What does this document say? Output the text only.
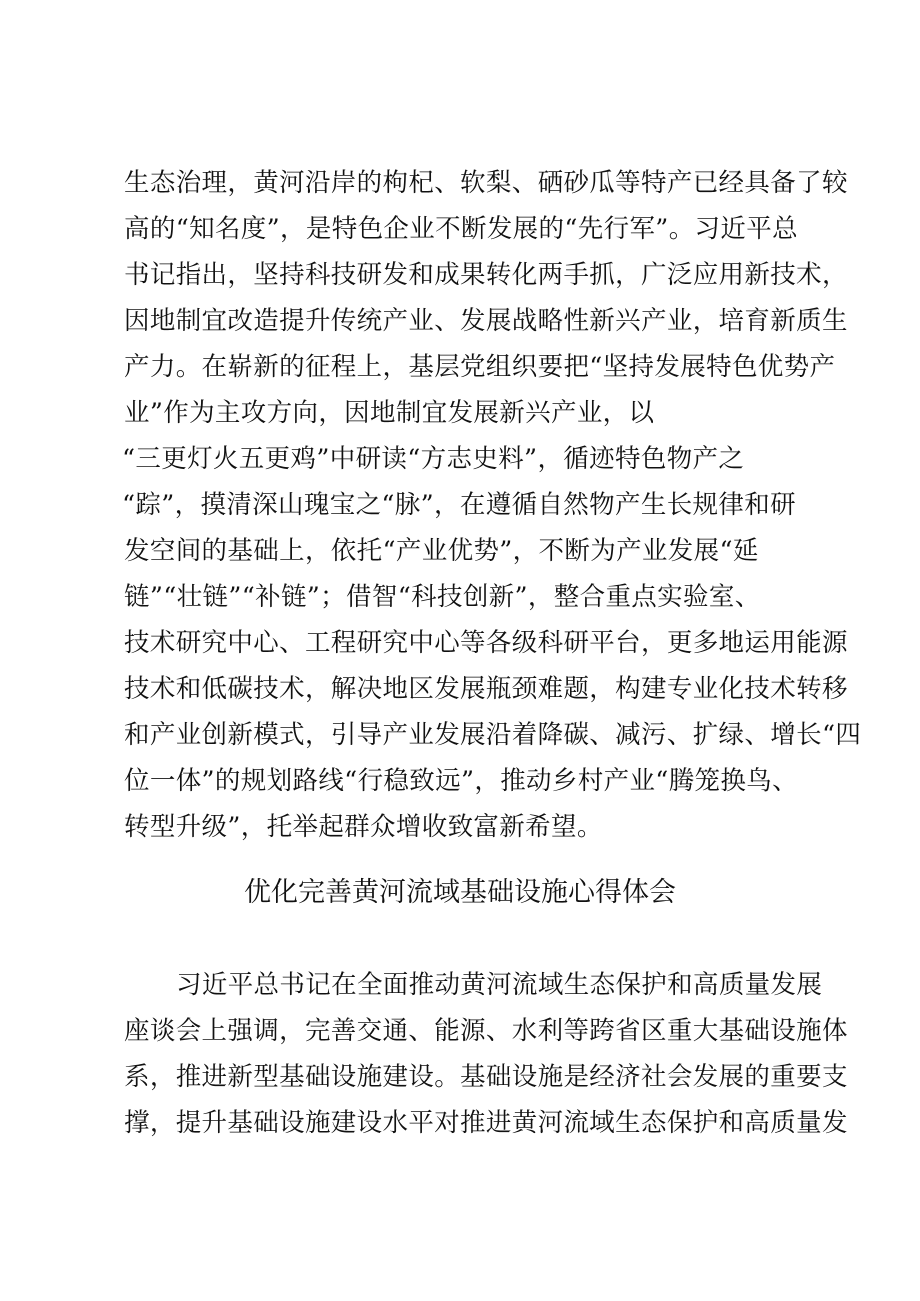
生态治理，黄河沿岸的枸杞、软梨、硒砂瓜等特产已经具备了较
高的“知名度”，是特色企业不断发展的“先行军”。习近平总
书记指出，坚持科技研发和成果转化两手抓，广泛应用新技术，
因地制宜改造提升传统产业、发展战略性新兴产业，培育新质生
产力。在崭新的征程上，基层党组织要把“坚持发展特色优势产
业”作为主攻方向，因地制宜发展新兴产业，以
“三更灯火五更鸡”中研读“方志史料”，循迹特色物产之
“踪”，摸清深山瑰宝之“脉”，在遵循自然物产生长规律和研
发空间的基础上，依托“产业优势”，不断为产业发展“延
链”“壮链”“补链”；借智“科技创新”，整合重点实验室、
技术研究中心、工程研究中心等各级科研平台，更多地运用能源
技术和低碳技术，解决地区发展瓶颈难题，构建专业化技术转移
和产业创新模式，引导产业发展沿着降碳、减污、扩绿、增长“四
位一体”的规划路线“行稳致远”，推动乡村产业“腾笼换鸟、
转型升级”，托举起群众增收致富新希望。
优化完善黄河流域基础设施心得体会
习近平总书记在全面推动黄河流域生态保护和高质量发展
座谈会上强调，完善交通、能源、水利等跨省区重大基础设施体
系，推进新型基础设施建设。基础设施是经济社会发展的重要支
撑，提升基础设施建设水平对推进黄河流域生态保护和高质量发
